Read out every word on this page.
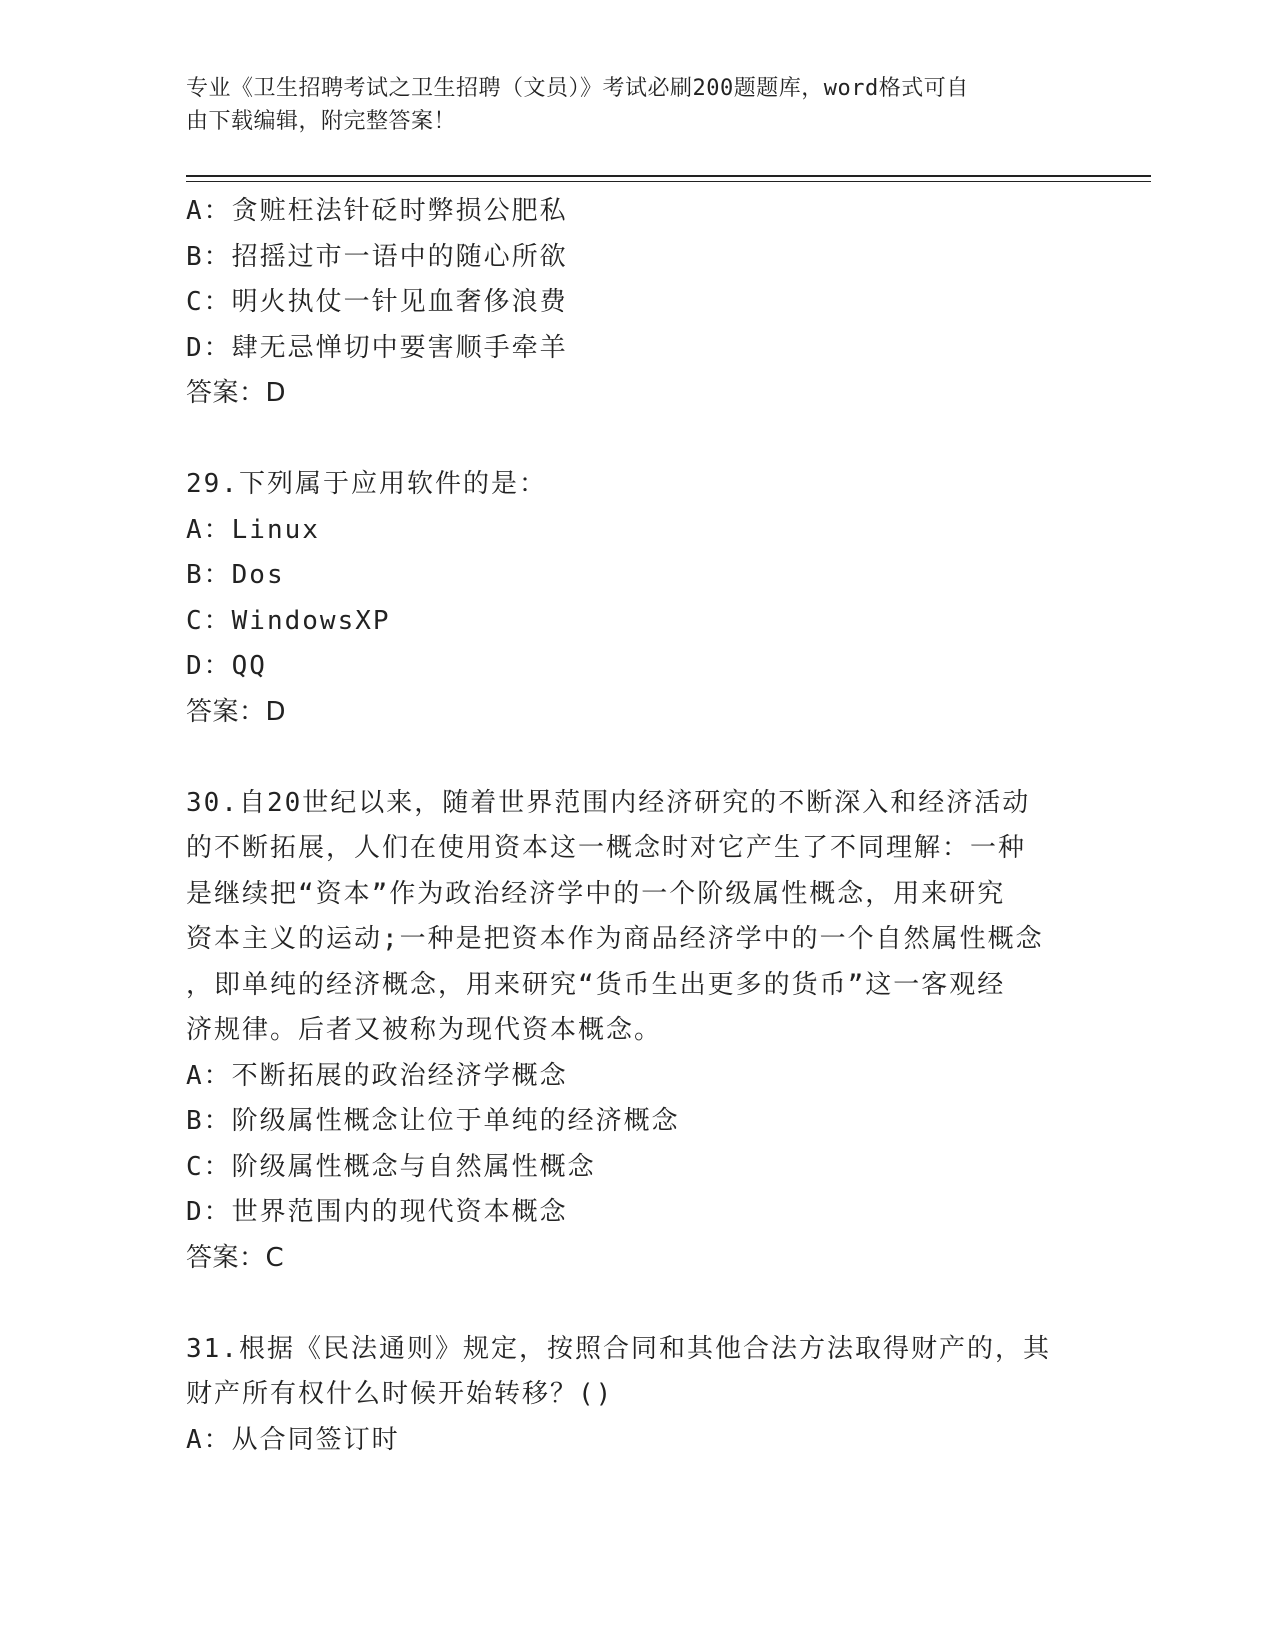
专业《卫生招聘考试之卫生招聘（文员）》考试必刷200题题库，word格式可自
由下载编辑，附完整答案！
A：贪赃枉法针砭时弊损公肥私
B：招摇过市一语中的随心所欲
C：明火执仗一针见血奢侈浪费
D：肆无忌惮切中要害顺手牵羊
答案：D
29.下列属于应用软件的是：
A：Linux
B：Dos
C：WindowsXP
D：QQ
答案：D
30.自20世纪以来，随着世界范围内经济研究的不断深入和经济活动
的不断拓展，人们在使用资本这一概念时对它产生了不同理解：一种
是继续把“资本”作为政治经济学中的一个阶级属性概念，用来研究
资本主义的运动;一种是把资本作为商品经济学中的一个自然属性概念
，即单纯的经济概念，用来研究“货币生出更多的货币”这一客观经
济规律。后者又被称为现代资本概念。
A：不断拓展的政治经济学概念
B：阶级属性概念让位于单纯的经济概念
C：阶级属性概念与自然属性概念
D：世界范围内的现代资本概念
答案：C
31.根据《民法通则》规定，按照合同和其他合法方法取得财产的，其
财产所有权什么时候开始转移？()
A：从合同签订时
